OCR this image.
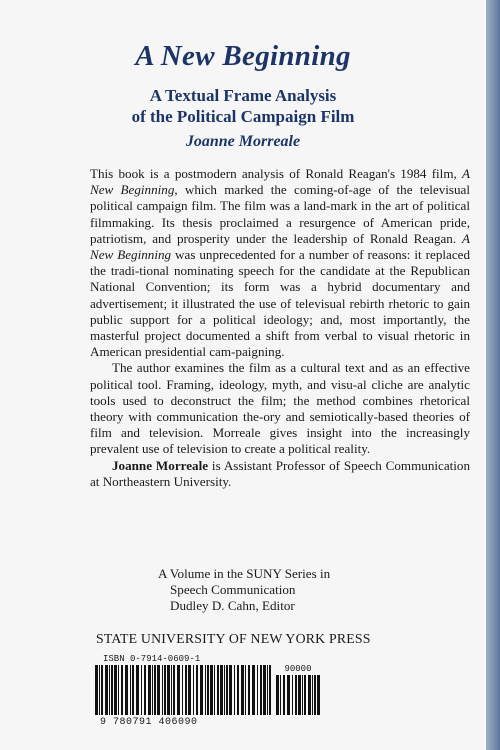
A New Beginning
A Textual Frame Analysis
of the Political Campaign Film
Joanne Morreale

This book is a postmodern analysis of Ronald Reagan's 1984 film, A New Beginning, which marked the coming-of-age of the televisual political campaign film. The film was a land-mark in the art of political filmmaking. Its thesis proclaimed a resurgence of American pride, patriotism, and prosperity under the leadership of Ronald Reagan. A New Beginning was unprecedented for a number of reasons: it replaced the tradi-tional nominating speech for the candidate at the Republican National Convention; its form was a hybrid documentary and advertisement; it illustrated the use of televisual rebirth rhetoric to gain public support for a political ideology; and, most importantly, the masterful project documented a shift from verbal to visual rhetoric in American presidential cam-paigning.

The author examines the film as a cultural text and as an effective political tool. Framing, ideology, myth, and visu-al cliche are analytic tools used to deconstruct the film; the method combines rhetorical theory with communication the-ory and semiotically-based theories of film and television. Morreale gives insight into the increasingly prevalent use of television to create a political reality.

Joanne Morreale is Assistant Professor of Speech Communication at Northeastern University.

A Volume in the SUNY Series in
Speech Communication
Dudley D. Cahn, Editor
STATE UNIVERSITY OF NEW YORK PRESS
ISBN 0-7914-0609-1
90000
9 780791 406090
